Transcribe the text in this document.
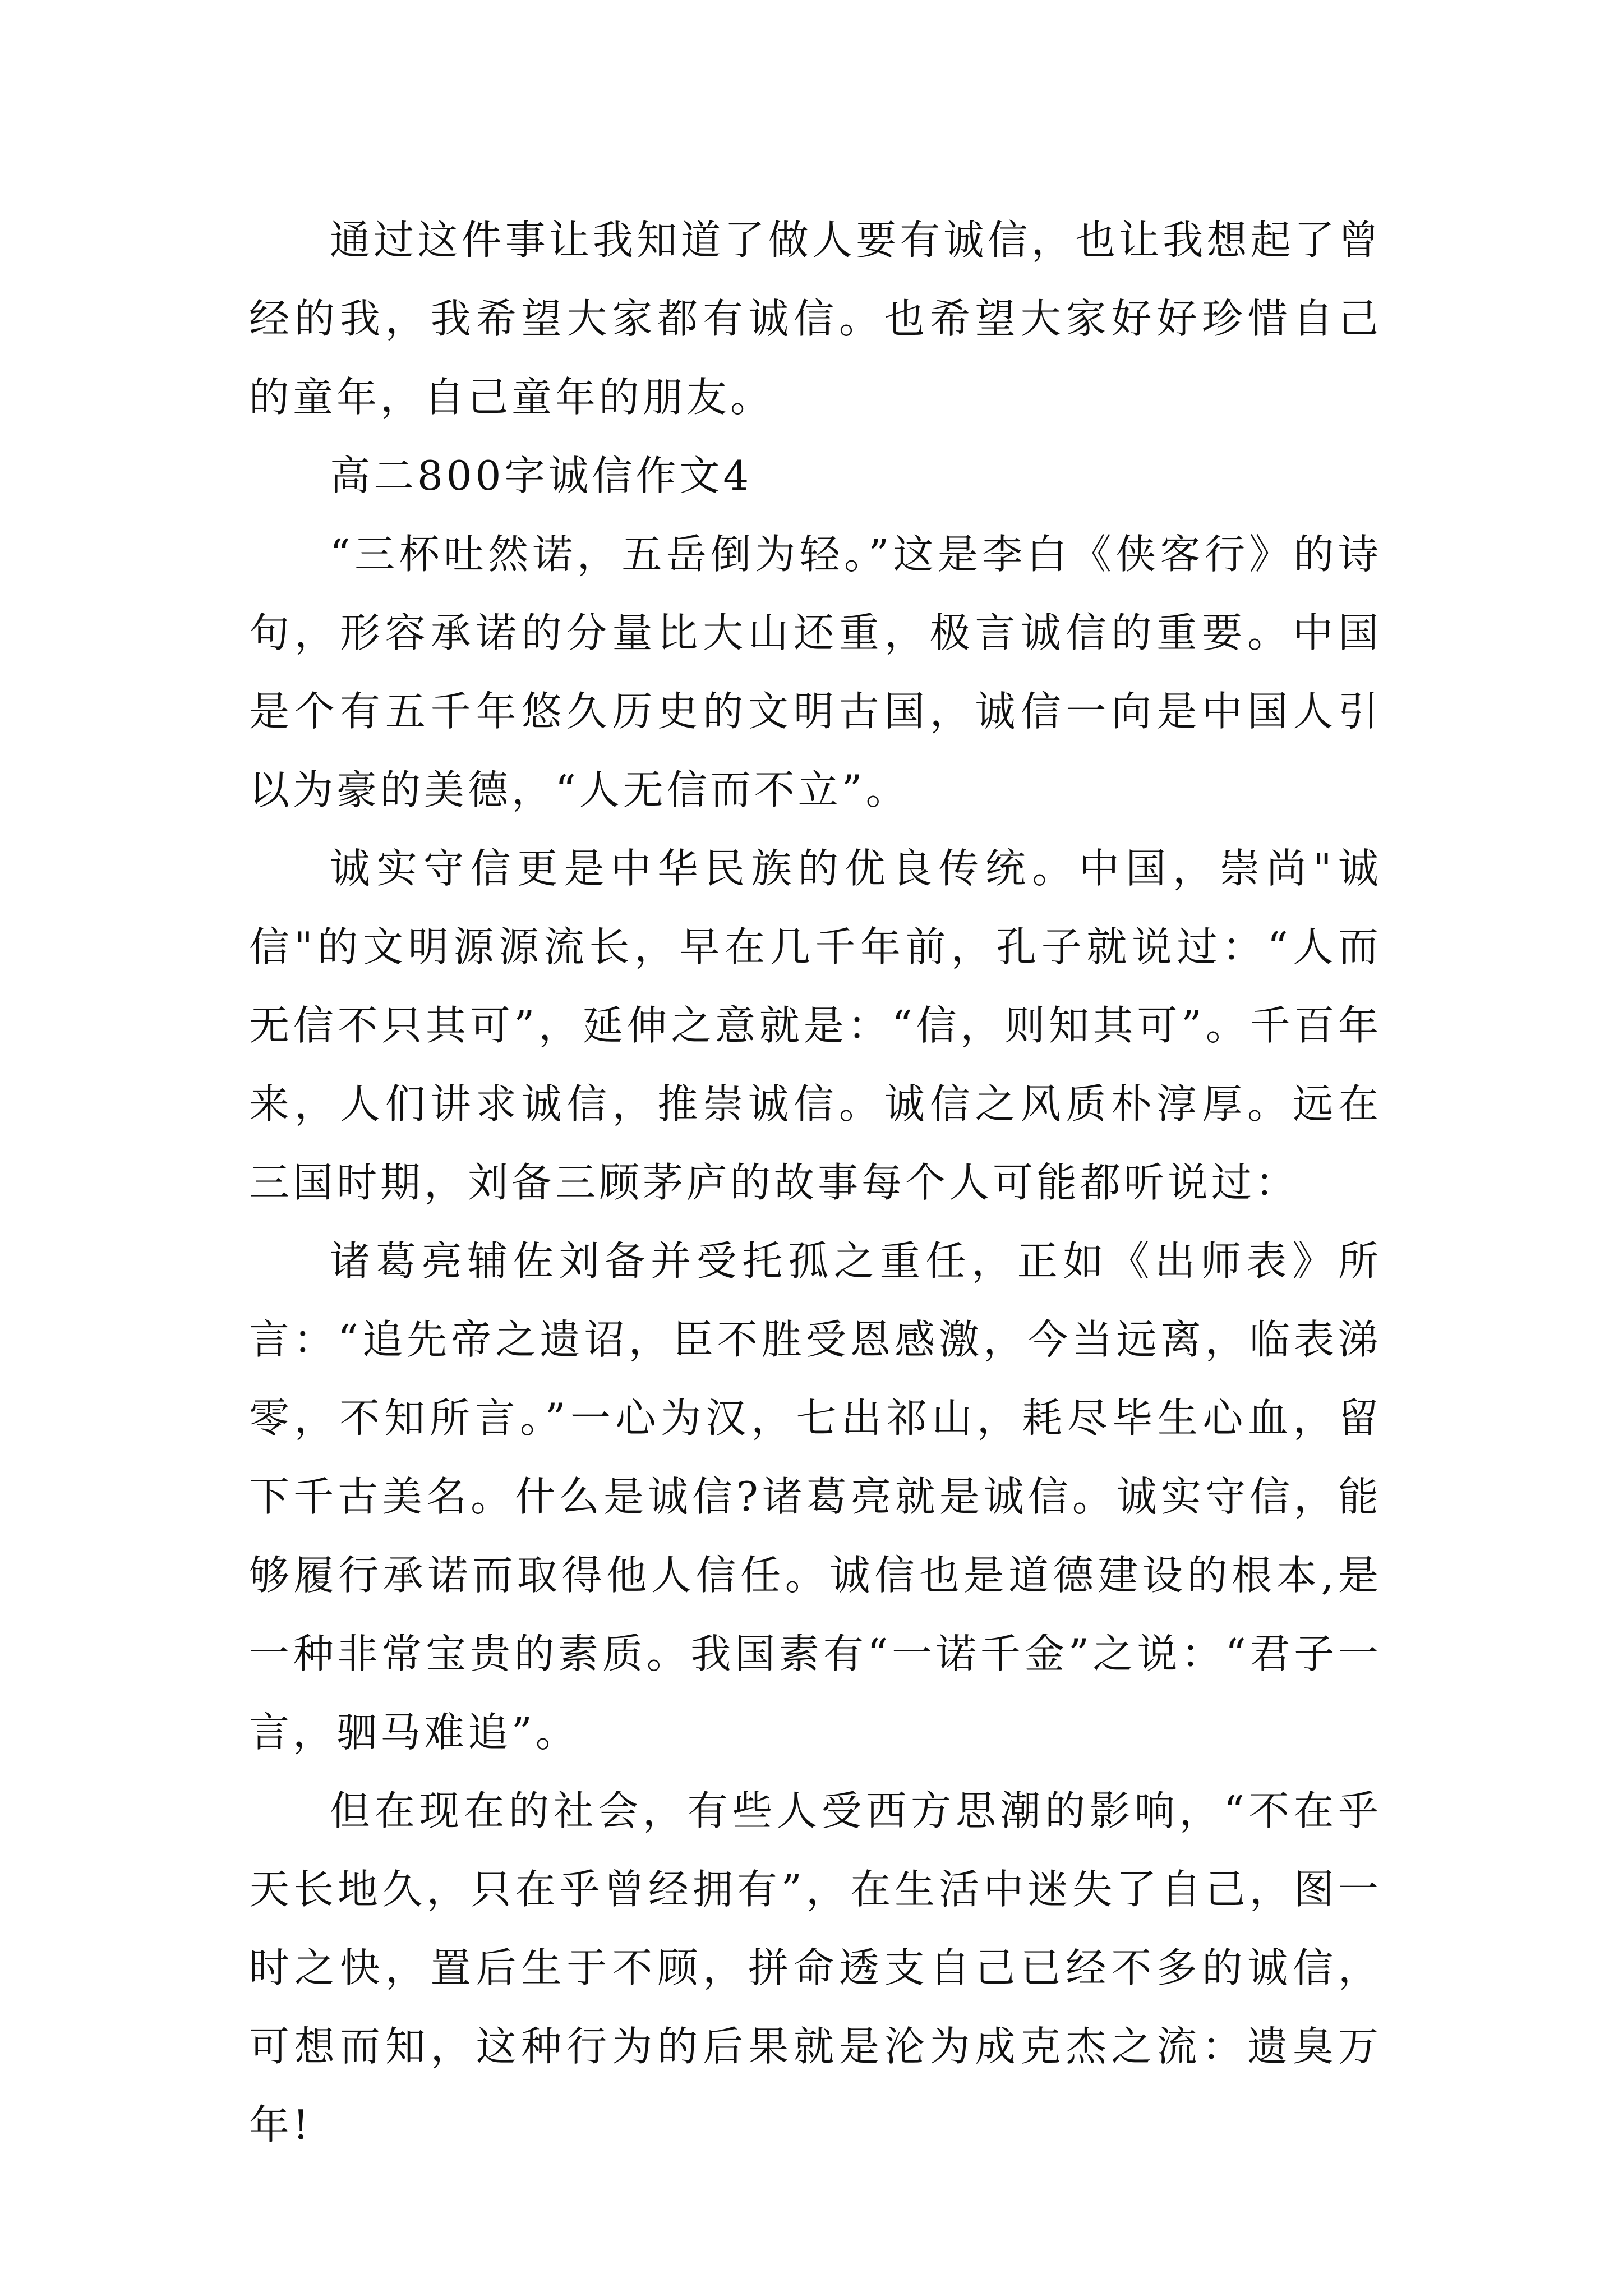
通过这件事让我知道了做人要有诚信，也让我想起了曾经的我，我希望大家都有诚信。也希望大家好好珍惜自己的童年，自己童年的朋友。

高二800字诚信作文4

“三杯吐然诺，五岳倒为轻。”这是李白《侠客行》的诗句，形容承诺的分量比大山还重，极言诚信的重要。中国是个有五千年悠久历史的文明古国，诚信一向是中国人引以为豪的美德，“人无信而不立”。

诚实守信更是中华民族的优良传统。中国，崇尚"诚信"的文明源源流长，早在几千年前，孔子就说过：“人而无信不只其可”，延伸之意就是：“信，则知其可”。千百年来，人们讲求诚信，推崇诚信。诚信之风质朴淳厚。远在三国时期，刘备三顾茅庐的故事每个人可能都听说过：

诸葛亮辅佐刘备并受托孤之重任，正如《出师表》所言：“追先帝之遗诏，臣不胜受恩感激，今当远离，临表涕零，不知所言。”一心为汉，七出祁山，耗尽毕生心血，留下千古美名。什么是诚信?诸葛亮就是诚信。诚实守信，能够履行承诺而取得他人信任。诚信也是道德建设的根本,是一种非常宝贵的素质。我国素有“一诺千金”之说：“君子一言，驷马难追”。

但在现在的社会，有些人受西方思潮的影响，“不在乎天长地久，只在乎曾经拥有”，在生活中迷失了自己，图一时之快，置后生于不顾，拼命透支自己已经不多的诚信，可想而知，这种行为的后果就是沦为成克杰之流：遗臭万年!
